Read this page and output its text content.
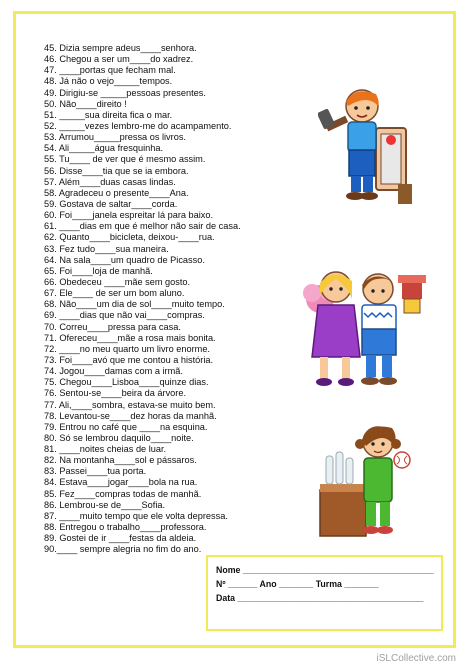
45. Dizia sempre adeus____senhora.
46. Chegou a ser um____do xadrez.
47. ____portas que fecham mal.
48. Já não o vejo_____tempos.
49. Dirigiu-se _____pessoas presentes.
50. Não____direito !
51. _____sua direita fica o mar.
52. _____vezes lembro-me do acampamento.
53. Arrumou_____pressa os livros.
54. Ali_____água fresquinha.
55. Tu____ de ver que é mesmo assim.
56. Disse____tia que se ia embora.
57. Além____duas casas lindas.
58. Agradeceu o presente____Ana.
59. Gostava de saltar____corda.
60. Foi____janela espreitar lá para baixo.
61. ____dias em que é melhor não sair de casa.
62. Quanto____bicicleta, deixou-____rua.
63. Fez tudo____sua maneira.
64. Na sala____um quadro de Picasso.
65. Foi____loja de manhã.
66. Obedeceu ____mãe sem gosto.
67. Ele____ de ser um bom aluno.
68. Não____um dia de sol____muito tempo.
69. ____dias que não vai____compras.
70. Correu____pressa para casa.
71. Ofereceu____mãe a rosa mais bonita.
72. ____no meu quarto um livro enorme.
73. Foi____avó que me contou a história.
74. Jogou____damas com a irmã.
75. Chegou____Lisboa____quinze dias.
76. Sentou-se____beira da árvore.
77. Ali,____sombra, estava-se muito bem.
78. Levantou-se____dez horas da manhã.
79. Entrou no café que ____na esquina.
80. Só se lembrou daquilo____noite.
81. ____noites cheias de luar.
82. Na montanha____sol e pássaros.
83. Passei____tua porta.
84. Estava____jogar____bola na rua.
85. Fez____compras todas de manhã.
86. Lembrou-se de____Sofia.
87. ____muito tempo que ele volta depressa.
88. Entregou o trabalho____professora.
89. Gostei de ir ____festas da aldeia.
90.____ sempre alegria no fim do ano.
Nome _______________________________________
Nº ______ Ano _______ Turma _______
Data ______________________________________
iSLCollective.com
